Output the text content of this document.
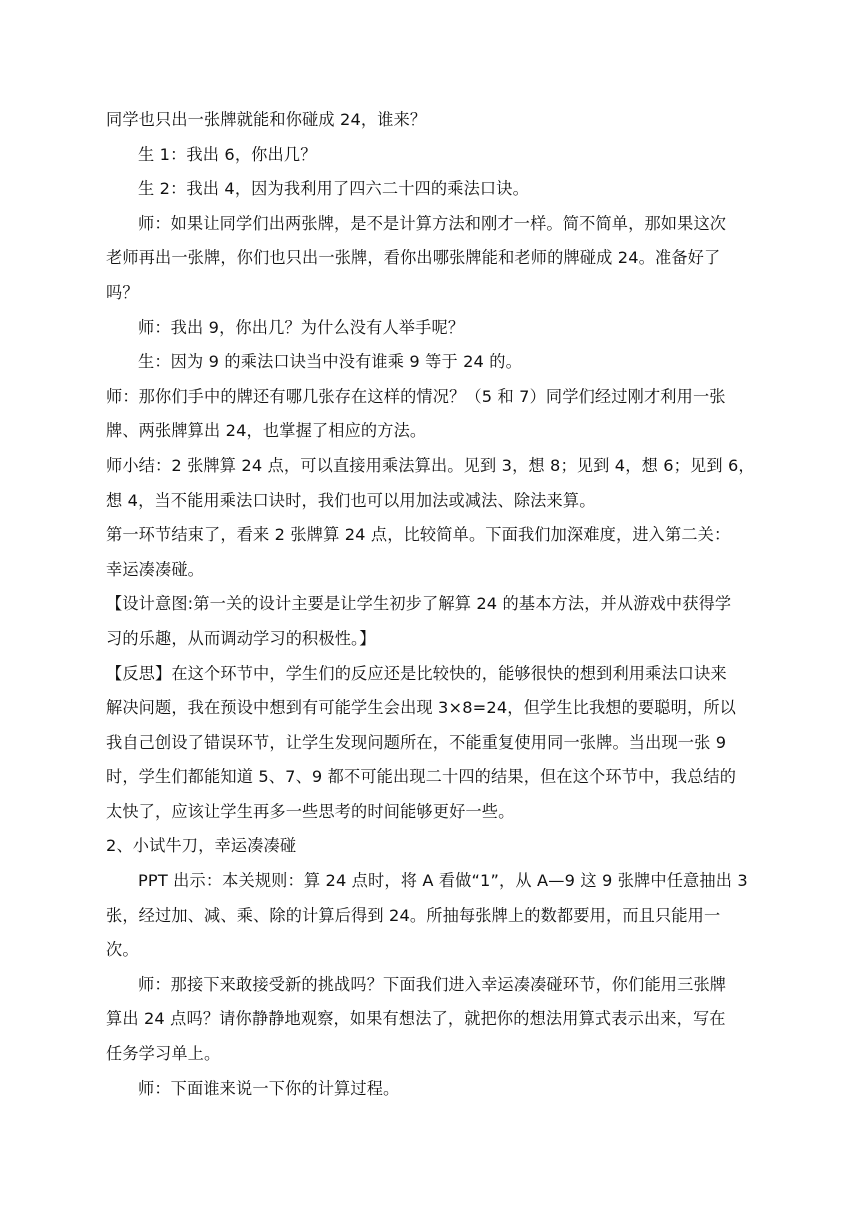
同学也只出一张牌就能和你碰成 24，谁来？

生 1：我出 6，你出几？

生 2：我出 4，因为我利用了四六二十四的乘法口诀。

师：如果让同学们出两张牌，是不是计算方法和刚才一样。简不简单，那如果这次
老师再出一张牌，你们也只出一张牌，看你出哪张牌能和老师的牌碰成 24。准备好了
吗？

师：我出 9，你出几？为什么没有人举手呢？

生：因为 9 的乘法口诀当中没有谁乘 9 等于 24 的。

师：那你们手中的牌还有哪几张存在这样的情况？（5 和 7）同学们经过刚才利用一张
牌、两张牌算出 24，也掌握了相应的方法。

师小结：2 张牌算 24 点，可以直接用乘法算出。见到 3，想 8；见到 4，想 6；见到 6，
想 4，当不能用乘法口诀时，我们也可以用加法或减法、除法来算。

第一环节结束了，看来 2 张牌算 24 点，比较简单。下面我们加深难度，进入第二关：
幸运凑凑碰。

【设计意图:第一关的设计主要是让学生初步了解算 24 的基本方法，并从游戏中获得学
习的乐趣，从而调动学习的积极性。】

【反思】在这个环节中，学生们的反应还是比较快的，能够很快的想到利用乘法口诀来
解决问题，我在预设中想到有可能学生会出现 3×8=24，但学生比我想的要聪明，所以
我自己创设了错误环节，让学生发现问题所在，不能重复使用同一张牌。当出现一张 9
时，学生们都能知道 5、7、9 都不可能出现二十四的结果，但在这个环节中，我总结的
太快了，应该让学生再多一些思考的时间能够更好一些。

2、小试牛刀，幸运凑凑碰

PPT 出示：本关规则：算 24 点时，将 A 看做“1”，从 A—9 这 9 张牌中任意抽出 3
张，经过加、减、乘、除的计算后得到 24。所抽每张牌上的数都要用，而且只能用一
次。

师：那接下来敢接受新的挑战吗？下面我们进入幸运凑凑碰环节，你们能用三张牌
算出 24 点吗？请你静静地观察，如果有想法了，就把你的想法用算式表示出来，写在
任务学习单上。

师：下面谁来说一下你的计算过程。
